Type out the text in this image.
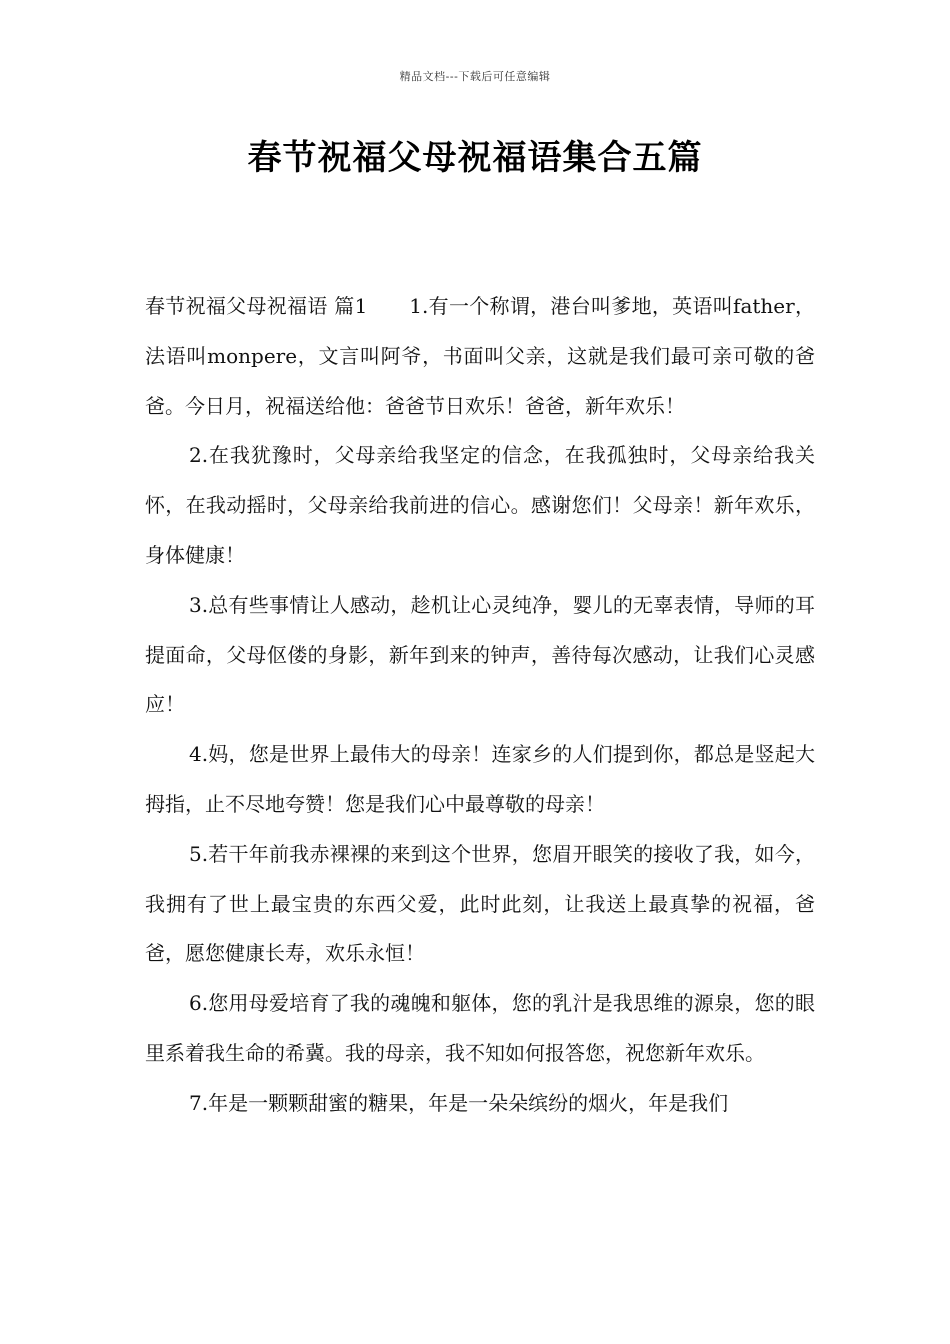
精品文档---下载后可任意编辑
春节祝福父母祝福语集合五篇

春节祝福父母祝福语 篇1 1.有一个称谓，港台叫爹地，英语叫father，法语叫monpere，文言叫阿爷，书面叫父亲，这就是我们最可亲可敬的爸爸。今日月，祝福送给他：爸爸节日欢乐！爸爸，新年欢乐！

2.在我犹豫时，父母亲给我坚定的信念，在我孤独时，父母亲给我关怀，在我动摇时，父母亲给我前进的信心。感谢您们！父母亲！新年欢乐，身体健康！

3.总有些事情让人感动，趁机让心灵纯净，婴儿的无辜表情，导师的耳提面命，父母伛偻的身影，新年到来的钟声，善待每次感动，让我们心灵感应！

4.妈，您是世界上最伟大的母亲！连家乡的人们提到你，都总是竖起大拇指，止不尽地夸赞！您是我们心中最尊敬的母亲！

5.若干年前我赤裸裸的来到这个世界，您眉开眼笑的接收了我，如今，我拥有了世上最宝贵的东西父爱，此时此刻，让我送上最真挚的祝福，爸爸，愿您健康长寿，欢乐永恒！

6.您用母爱培育了我的魂魄和躯体，您的乳汁是我思维的源泉，您的眼里系着我生命的希冀。我的母亲，我不知如何报答您，祝您新年欢乐。

7.年是一颗颗甜蜜的糖果，年是一朵朵缤纷的烟火，年是我们
